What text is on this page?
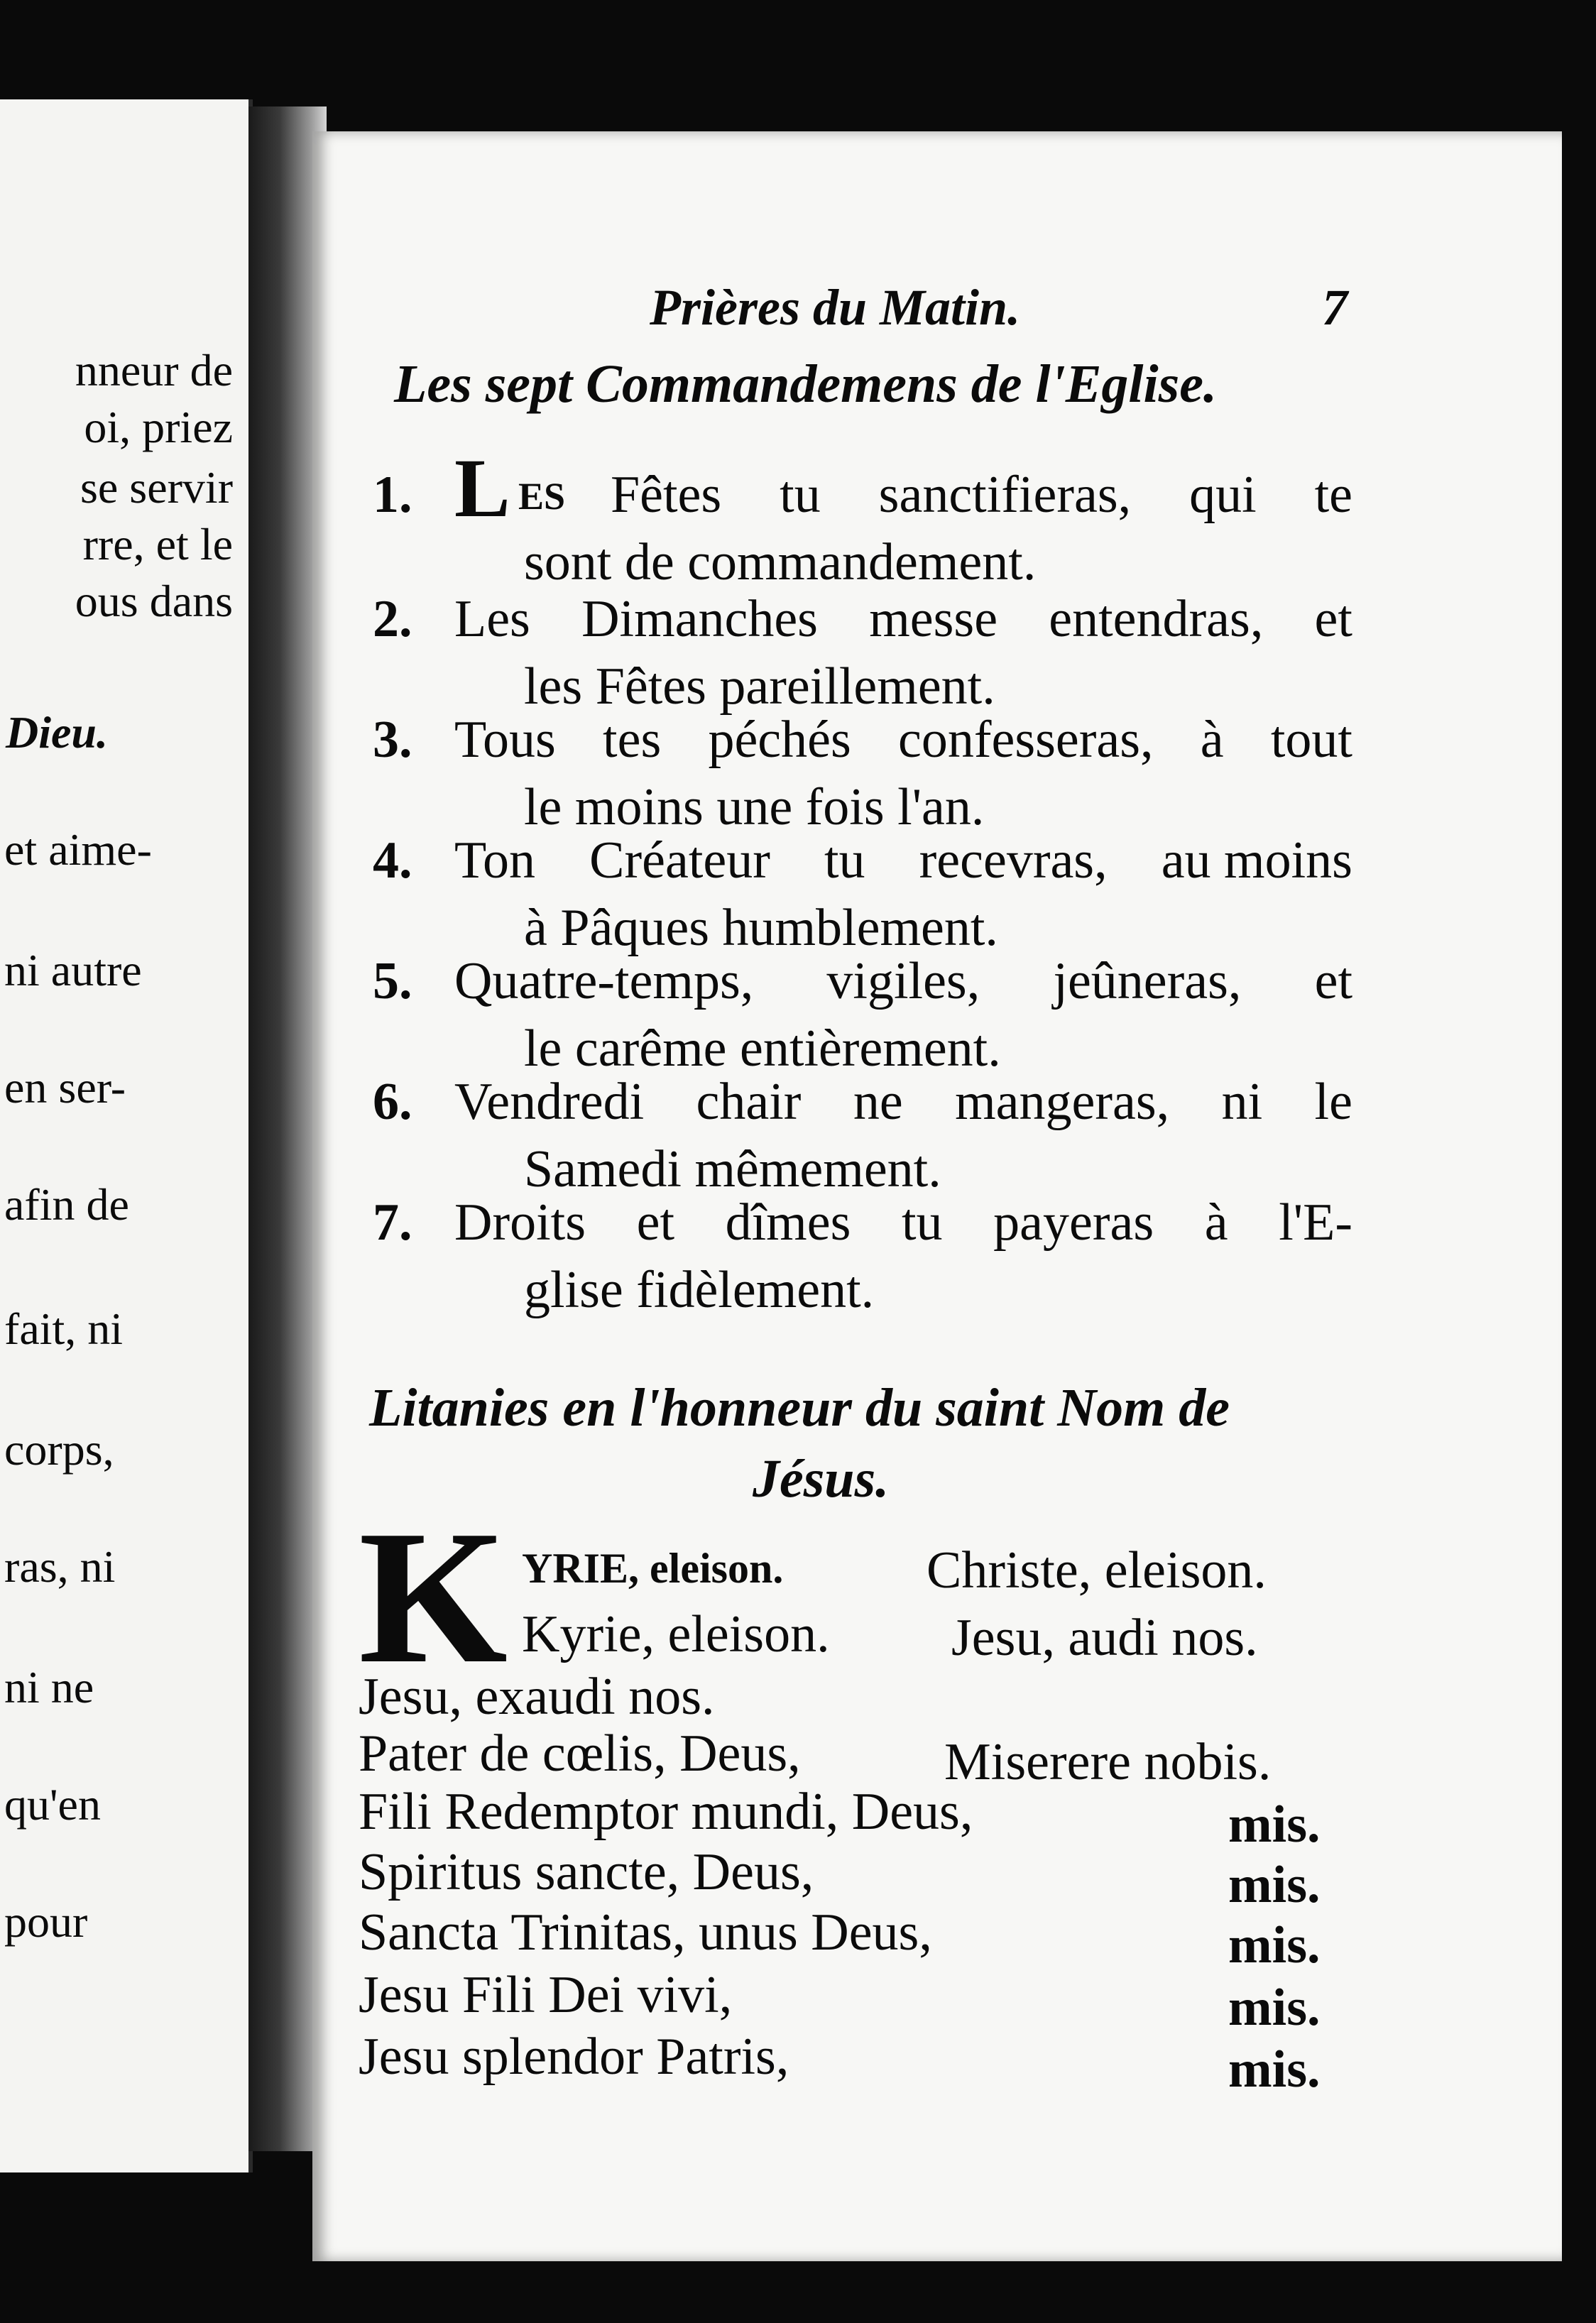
nneur de
oi, priez
se servir
rre, et le
ous dans
Dieu.
et aime-
ni autre
en ser-
afin de
fait, ni
corps,
ras, ni
ni ne
qu'en
pour
Prières du Matin.	7
Les sept Commandemens de l'Eglise.
1. L ES Fêtes tu sanctifieras, qui te
sont de commandement.
2. Les Dimanches messe entendras, et
les Fêtes pareillement.
3. Tous tes péchés confesseras, à tout
le moins une fois l'an.
4. Ton Créateur tu recevras, au moins
à Pâques humblement.
5. Quatre-temps, vigiles, jeûneras, et
le carême entièrement.
6. Vendredi chair ne mangeras, ni le
Samedi mêmement.
7. Droits et dîmes tu payeras à l'E-
glise fidèlement.
Litanies en l'honneur du saint Nom de
Jésus.
K YRIE, eleison.	Christe, eleison.
Kyrie, eleison. Jesu, audi nos.
Jesu, exaudi nos.
Pater de cœlis, Deus,	Miserere nobis.
Fili Redemptor mundi, Deus,	mis.
Spiritus sancte, Deus,	mis.
Sancta Trinitas, unus Deus,	mis.
Jesu Fili Dei vivi,	mis.
Jesu splendor Patris,	mis.
